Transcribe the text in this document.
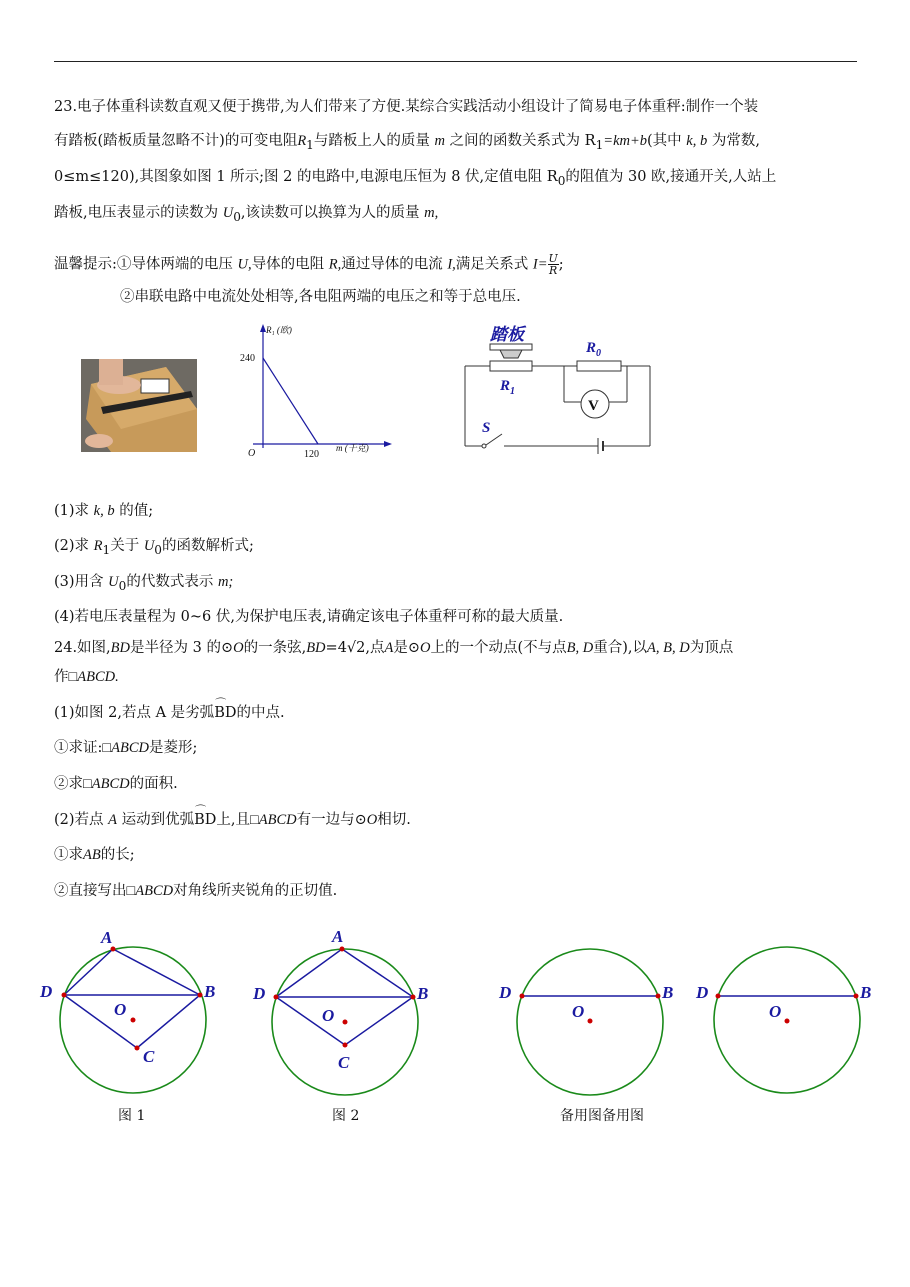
23.电子体重科读数直观又便于携带,为人们带来了方便.某综合实践活动小组设计了简易电子体重秤:制作一个装
有踏板(踏板质量忽略不计)的可变电阻$R_1$与踏板上人的质量 m 之间的函数关系式为 $R_1=km+b$(其中 k, b 为常数,
0≤m≤120),其图象如图 1 所示;图 2 的电路中,电源电压恒为 8 伏,定值电阻 $R_0$的阻值为 30 欧,接通开关,人站上
踏板,电压表显示的读数为 $U_0$,该读数可以换算为人的质量 m,
温馨提示:①导体两端的电压 U,导体的电阻 R,通过导体的电流 I,满足关系式 $I= \frac{U}{R}$ ;
②串联电路中电流处处相等,各电阻两端的电压之和等于总电压.
R₁ (欧)
240
O	120
m (千克)
踏板
$R_1$
$R_0$
V
S
(1)求 k, b 的值;
(2)求 $R_1$关于 $U_0$的函数解析式;
(3)用含 $U_0$的代数式表示 m;
(4)若电压表量程为 0~6 伏,为保护电压表,请确定该电子体重秤可称的最大质量.
24.如图,BD是半径为 3 的⊙O的一条弦,BD=4√2,点A是⊙O上的一个动点(不与点B, D重合),以A, B, D为顶点
作□ABCD.
(1)如图 2,若点 A 是劣弧⌒ BD的中点.
①求证:□ABCD是菱形;
②求□ABCD的面积.
(2)若点 A 运动到优弧⌒ BD上,且□ABCD有一边与⊙O相切.
①求AB的长;
②直接写出□ABCD对角线所夹锐角的正切值.
A
D	B
O
C
A
D	B
O
C
D	B
O
D	B
O
图 1	图 2	备用图备用图
